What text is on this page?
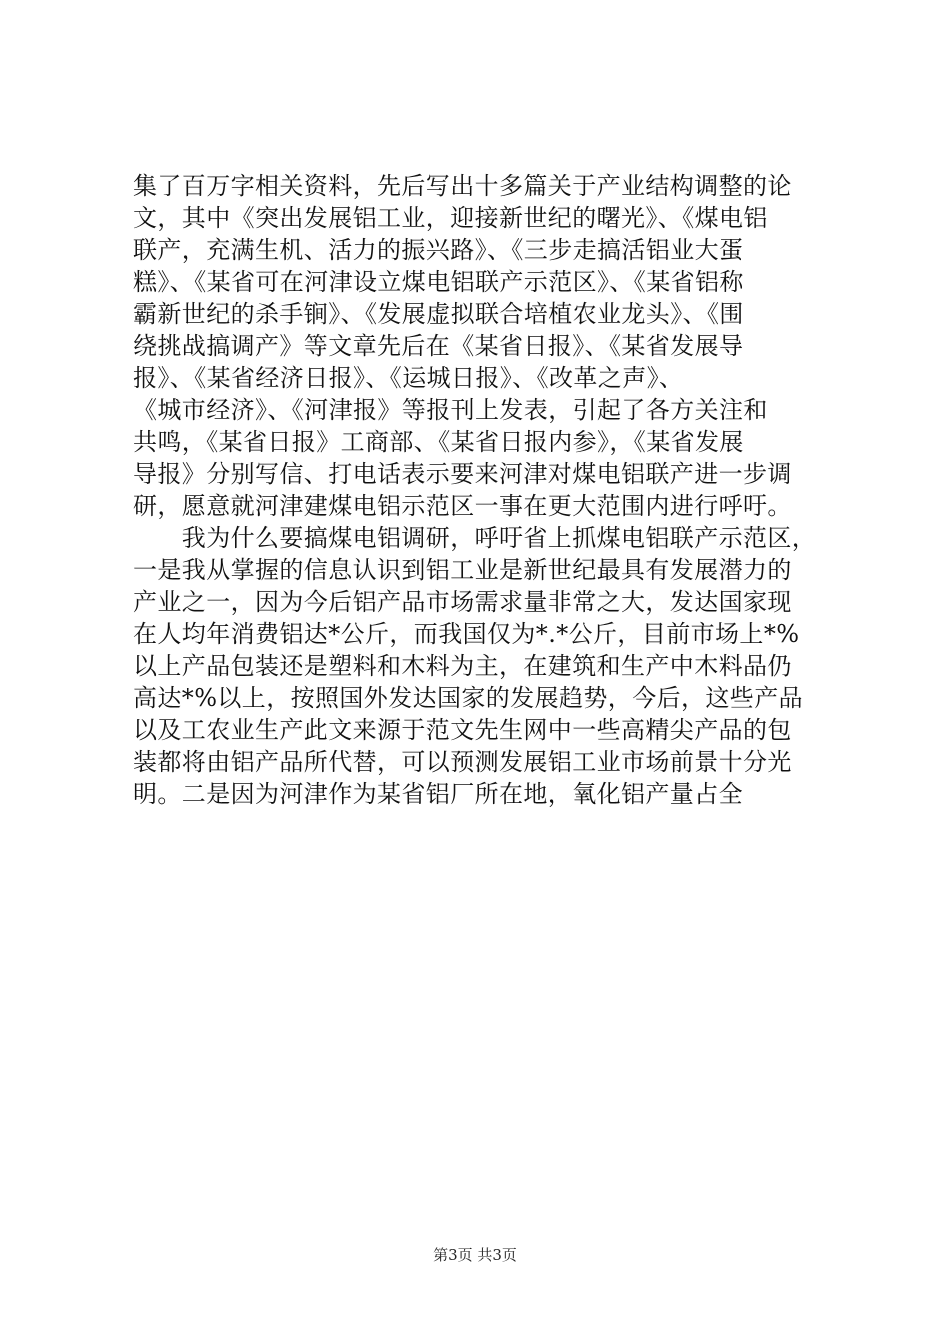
集了百万字相关资料，先后写出十多篇关于产业结构调整的论
文，其中《突出发展铝工业，迎接新世纪的曙光》、《煤电铝
联产，充满生机、活力的振兴路》、《三步走搞活铝业大蛋
糕》、《某省可在河津设立煤电铝联产示范区》、《某省铝称
霸新世纪的杀手锏》、《发展虚拟联合培植农业龙头》、《围
绕挑战搞调产》等文章先后在《某省日报》、《某省发展导
报》、《某省经济日报》、《运城日报》、《改革之声》、
《城市经济》、《河津报》等报刊上发表，引起了各方关注和
共鸣，《某省日报》工商部、《某省日报内参》，《某省发展
导报》分别写信、打电话表示要来河津对煤电铝联产进一步调
研，愿意就河津建煤电铝示范区一事在更大范围内进行呼吁。
　　我为什么要搞煤电铝调研，呼吁省上抓煤电铝联产示范区，
一是我从掌握的信息认识到铝工业是新世纪最具有发展潜力的
产业之一，因为今后铝产品市场需求量非常之大，发达国家现
在人均年消费铝达*公斤，而我国仅为*.*公斤，目前市场上*%
以上产品包装还是塑料和木料为主，在建筑和生产中木料品仍
高达*%以上，按照国外发达国家的发展趋势，今后，这些产品
以及工农业生产此文来源于范文先生网中一些高精尖产品的包
装都将由铝产品所代替，可以预测发展铝工业市场前景十分光
明。二是因为河津作为某省铝厂所在地，氧化铝产量占全
第3页 共3页
